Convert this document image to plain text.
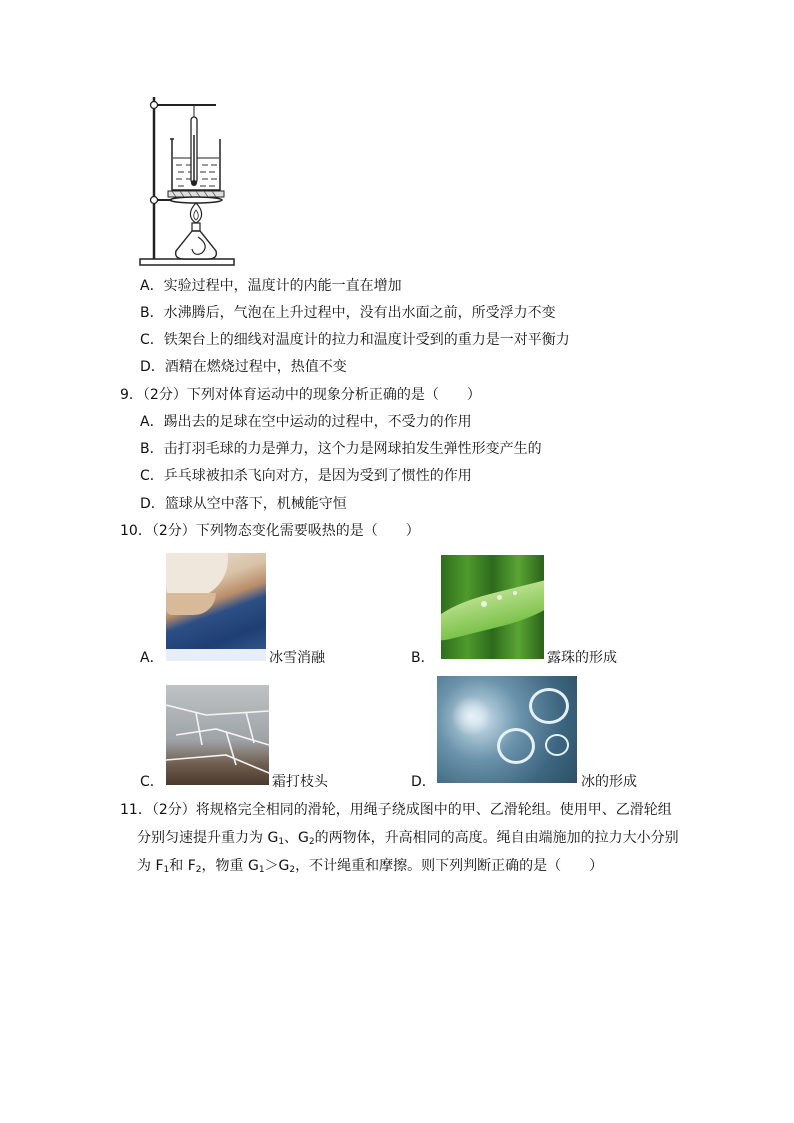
A．实验过程中，温度计的内能一直在增加
B．水沸腾后，气泡在上升过程中，没有出水面之前，所受浮力不变
C．铁架台上的细线对温度计的拉力和温度计受到的重力是一对平衡力
D．酒精在燃烧过程中，热值不变
9．（2分）下列对体育运动中的现象分析正确的是（　　）
A．踢出去的足球在空中运动的过程中，不受力的作用
B．击打羽毛球的力是弹力，这个力是网球拍发生弹性形变产生的
C．乒乓球被扣杀飞向对方，是因为受到了惯性的作用
D．篮球从空中落下，机械能守恒
10．（2分）下列物态变化需要吸热的是（　　）
A．	冰雪消融	B．	露珠的形成
C．	霜打枝头	D．	冰的形成
11．（2分）将规格完全相同的滑轮，用绳子绕成图中的甲、乙滑轮组。使用甲、乙滑轮组
分别匀速提升重力为 $G_1$、$G_2$的两物体，升高相同的高度。绳自由端施加的拉力大小分别
为 $F_1$和 $F_2$，物重 $G_1>G_2$，不计绳重和摩擦。则下列判断正确的是（　　）
